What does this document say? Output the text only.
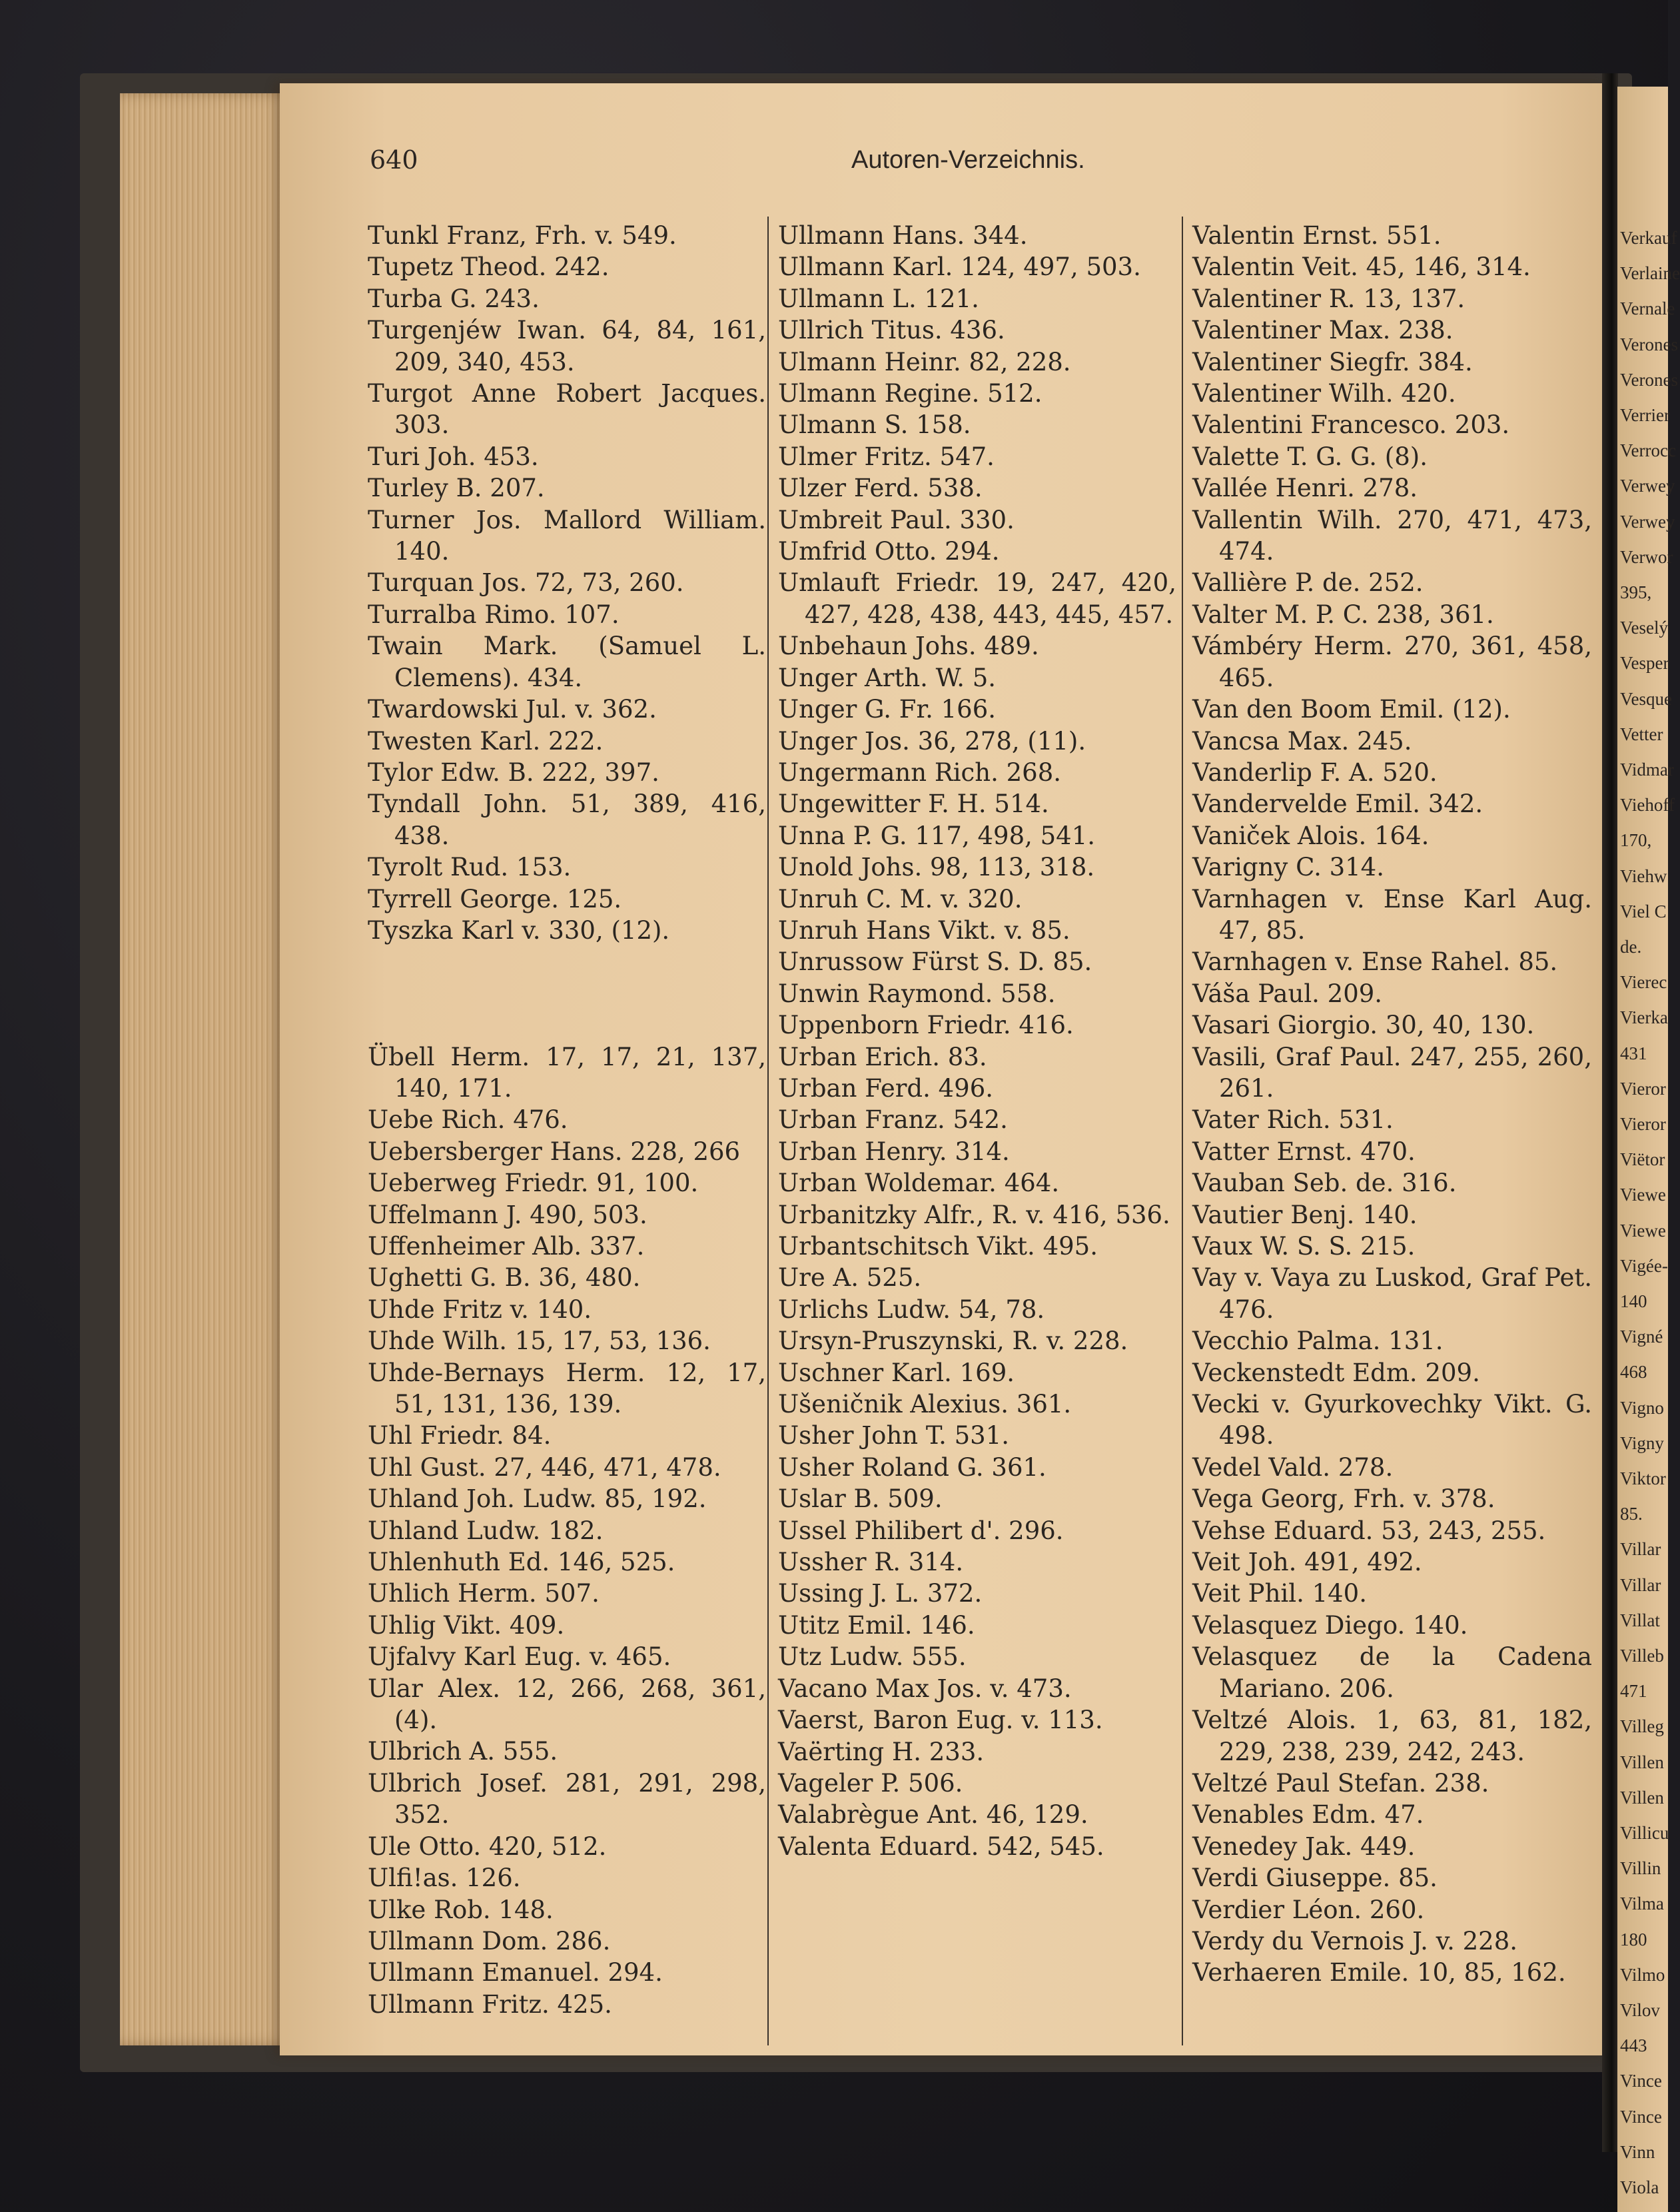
640	Autoren-Verzeichnis.
Tunkl Franz, Frh. v. 549.
Tupetz Theod. 242.
Turba G. 243.
Turgenjéw Iwan. 64, 84, 161, 209, 340, 453.
Turgot Anne Robert Jacques. 303.
Turi Joh. 453.
Turley B. 207.
Turner Jos. Mallord William. 140.
Turquan Jos. 72, 73, 260.
Turralba Rimo. 107.
Twain Mark. (Samuel L. Clemens). 434.
Twardowski Jul. v. 362.
Twesten Karl. 222.
Tylor Edw. B. 222, 397.
Tyndall John. 51, 389, 416, 438.
Tyrolt Rud. 153.
Tyrrell George. 125.
Tyszka Karl v. 330, (12).
Übell Herm. 17, 17, 21, 137, 140, 171.
Uebe Rich. 476.
Uebersberger Hans. 228, 266
Ueberweg Friedr. 91, 100.
Uffelmann J. 490, 503.
Uffenheimer Alb. 337.
Ughetti G. B. 36, 480.
Uhde Fritz v. 140.
Uhde Wilh. 15, 17, 53, 136.
Uhde-Bernays Herm. 12, 17, 51, 131, 136, 139.
Uhl Friedr. 84.
Uhl Gust. 27, 446, 471, 478.
Uhland Joh. Ludw. 85, 192.
Uhland Ludw. 182.
Uhlenhuth Ed. 146, 525.
Uhlich Herm. 507.
Uhlig Vikt. 409.
Ujfalvy Karl Eug. v. 465.
Ular Alex. 12, 266, 268, 361, (4).
Ulbrich A. 555.
Ulbrich Josef. 281, 291, 298, 352.
Ule Otto. 420, 512.
Ulfi!as. 126.
Ulke Rob. 148.
Ullmann Dom. 286.
Ullmann Emanuel. 294.
Ullmann Fritz. 425.
Ullmann Hans. 344.
Ullmann Karl. 124, 497, 503.
Ullmann L. 121.
Ullrich Titus. 436.
Ulmann Heinr. 82, 228.
Ulmann Regine. 512.
Ulmann S. 158.
Ulmer Fritz. 547.
Ulzer Ferd. 538.
Umbreit Paul. 330.
Umfrid Otto. 294.
Umlauft Friedr. 19, 247, 420, 427, 428, 438, 443, 445, 457.
Unbehaun Johs. 489.
Unger Arth. W. 5.
Unger G. Fr. 166.
Unger Jos. 36, 278, (11).
Ungermann Rich. 268.
Ungewitter F. H. 514.
Unna P. G. 117, 498, 541.
Unold Johs. 98, 113, 318.
Unruh C. M. v. 320.
Unruh Hans Vikt. v. 85.
Unrussow Fürst S. D. 85.
Unwin Raymond. 558.
Uppenborn Friedr. 416.
Urban Erich. 83.
Urban Ferd. 496.
Urban Franz. 542.
Urban Henry. 314.
Urban Woldemar. 464.
Urbanitzky Alfr., R. v. 416, 536.
Urbantschitsch Vikt. 495.
Ure A. 525.
Urlichs Ludw. 54, 78.
Ursyn-Pruszynski, R. v. 228.
Uschner Karl. 169.
Ušeničnik Alexius. 361.
Usher John T. 531.
Usher Roland G. 361.
Uslar B. 509.
Ussel Philibert d'. 296.
Ussher R. 314.
Ussing J. L. 372.
Utitz Emil. 146.
Utz Ludw. 555.
Vacano Max Jos. v. 473.
Vaerst, Baron Eug. v. 113.
Vaërting H. 233.
Vageler P. 506.
Valabrègue Ant. 46, 129.
Valenta Eduard. 542, 545.
Valentin Ernst. 551.
Valentin Veit. 45, 146, 314.
Valentiner R. 13, 137.
Valentiner Max. 238.
Valentiner Siegfr. 384.
Valentiner Wilh. 420.
Valentini Francesco. 203.
Valette T. G. G. (8).
Vallée Henri. 278.
Vallentin Wilh. 270, 471, 473, 474.
Vallière P. de. 252.
Valter M. P. C. 238, 361.
Vámbéry Herm. 270, 361, 458, 465.
Van den Boom Emil. (12).
Vancsa Max. 245.
Vanderlip F. A. 520.
Vandervelde Emil. 342.
Vaniček Alois. 164.
Varigny C. 314.
Varnhagen v. Ense Karl Aug. 47, 85.
Varnhagen v. Ense Rahel. 85.
Váša Paul. 209.
Vasari Giorgio. 30, 40, 130.
Vasili, Graf Paul. 247, 255, 260, 261.
Vater Rich. 531.
Vatter Ernst. 470.
Vauban Seb. de. 316.
Vautier Benj. 140.
Vaux W. S. S. 215.
Vay v. Vaya zu Luskod, Graf Pet. 476.
Vecchio Palma. 131.
Veckenstedt Edm. 209.
Vecki v. Gyurkovechky Vikt. G. 498.
Vedel Vald. 278.
Vega Georg, Frh. v. 378.
Vehse Eduard. 53, 243, 255.
Veit Joh. 491, 492.
Veit Phil. 140.
Velasquez Diego. 140.
Velasquez de la Cadena Mariano. 206.
Veltzé Alois. 1, 63, 81, 182, 229, 238, 239, 242, 243.
Veltzé Paul Stefan. 238.
Venables Edm. 47.
Venedey Jak. 449.
Verdi Giuseppe. 85.
Verdier Léon. 260.
Verdy du Vernois J. v. 228.
Verhaeren Emile. 10, 85, 162.
Verkauf
Verlaine
Vernale
Verones
Verones
Verrier
Verrocc
Verwey
Verwey
Verwor
395,
Veselý
Vesper
Vesque
Vetter
Vidmar
Viehoff
170,
Viehw
Viel C
de.
Vierec
Vierka
431
Vieror
Vieror
Viëtor
Viewe
Viewe
Vigée-
140
Vigné
468
Vigno
Vigny
Viktor
85.
Villar
Villar
Villat
Villeb
471
Villeg
Villen
Villen
Villicu
Villin
Vilma
180
Vilmo
Vilov
443
Vince
Vince
Vinn
Viola
